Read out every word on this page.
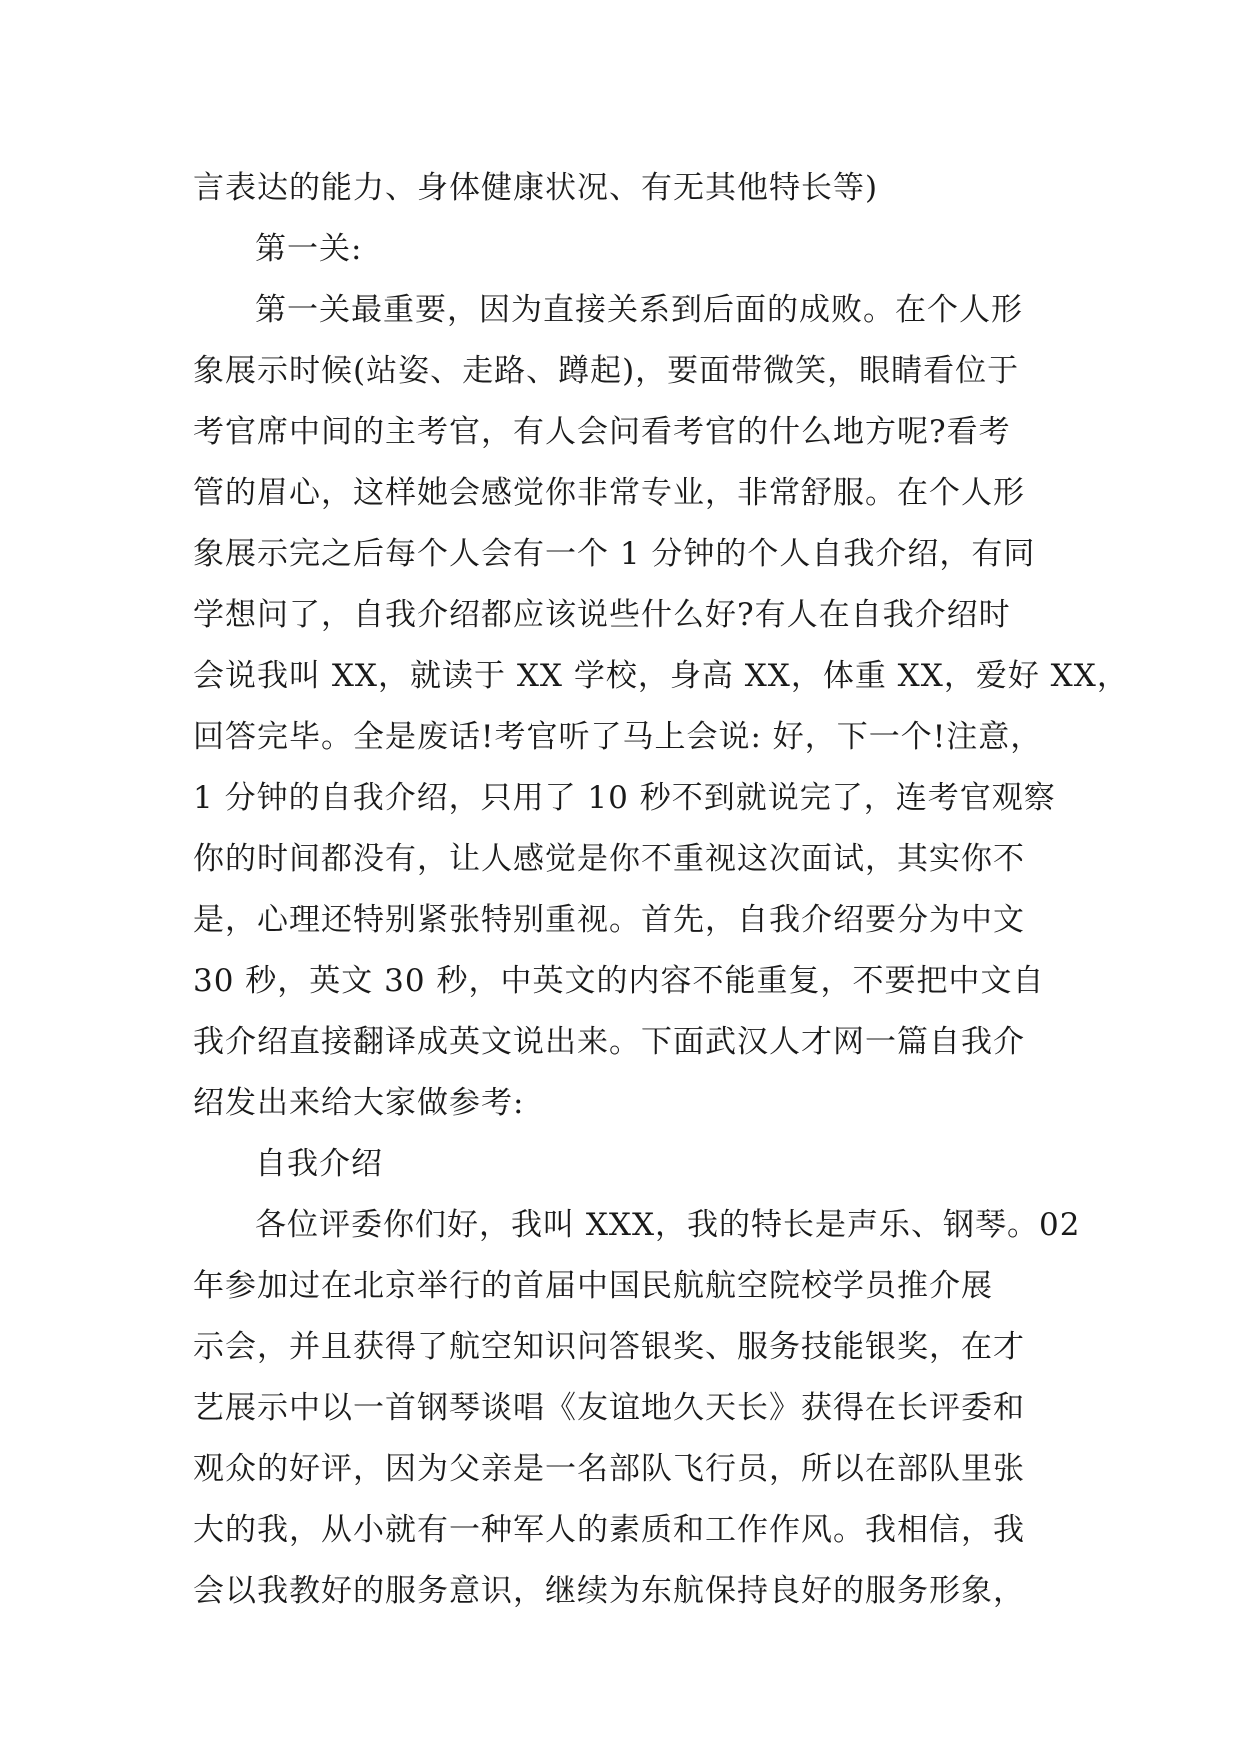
言表达的能力、身体健康状况、有无其他特长等)
第一关:
第一关最重要，因为直接关系到后面的成败。在个人形
象展示时候(站姿、走路、蹲起)，要面带微笑，眼睛看位于
考官席中间的主考官，有人会问看考官的什么地方呢?看考
管的眉心，这样她会感觉你非常专业，非常舒服。在个人形
象展示完之后每个人会有一个 1 分钟的个人自我介绍，有同
学想问了，自我介绍都应该说些什么好?有人在自我介绍时
会说我叫 XX，就读于 XX 学校，身高 XX，体重 XX，爱好 XX，
回答完毕。全是废话!考官听了马上会说: 好，下一个!注意，
1 分钟的自我介绍，只用了 10 秒不到就说完了，连考官观察
你的时间都没有，让人感觉是你不重视这次面试，其实你不
是，心理还特别紧张特别重视。首先，自我介绍要分为中文
30 秒，英文 30 秒，中英文的内容不能重复，不要把中文自
我介绍直接翻译成英文说出来。下面武汉人才网一篇自我介
绍发出来给大家做参考:
自我介绍
各位评委你们好，我叫 XXX，我的特长是声乐、钢琴。02
年参加过在北京举行的首届中国民航航空院校学员推介展
示会，并且获得了航空知识问答银奖、服务技能银奖，在才
艺展示中以一首钢琴谈唱《友谊地久天长》获得在长评委和
观众的好评，因为父亲是一名部队飞行员，所以在部队里张
大的我，从小就有一种军人的素质和工作作风。我相信，我
会以我教好的服务意识，继续为东航保持良好的服务形象，
